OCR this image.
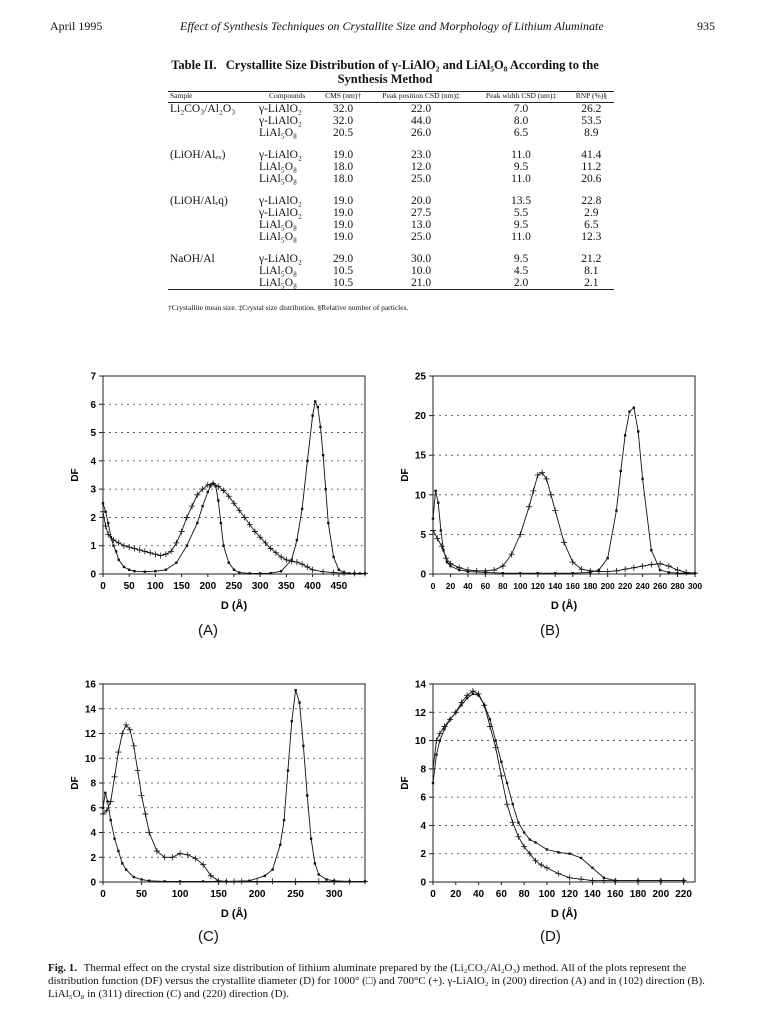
April 1995	Effect of Synthesis Techniques on Crystallite Size and Morphology of Lithium Aluminate	935
Table II. Crystallite Size Distribution of γ-LiAlO₂ and LiAl₅O₈ According to the Synthesis Method
Sample	Compounds	CMS (nm)†	Peak position CSD (nm)‡	Peak width CSD (nm)‡	RNP (%)§
Li₂CO₃/Al₂O₃	γ-LiAlO₂	32.0	22.0	7.0	26.2
	γ-LiAlO₂	32.0	44.0	8.0	53.5
	LiAl₅O₈	20.5	26.0	6.5	8.9

(LiOH/Alₑₓ)	γ-LiAlO₂	19.0	23.0	11.0	41.4
	LiAl₅O₈	18.0	12.0	9.5	11.2
	LiAl₅O₈	18.0	25.0	11.0	20.6

(LiOH/Alₑq)	γ-LiAlO₂	19.0	20.0	13.5	22.8
	γ-LiAlO₂	19.0	27.5	5.5	2.9
	LiAl₅O₈	19.0	13.0	9.5	6.5
	LiAl₅O₈	19.0	25.0	11.0	12.3

NaOH/Al	γ-LiAlO₂	29.0	30.0	9.5	21.2
	LiAl₅O₈	10.5	10.0	4.5	8.1
	LiAl₅O₈	10.5	21.0	2.0	2.1
†Crystallite mean size. ‡Crystal size distribution. §Relative number of particles.
0
1
2
3
4
5
6
7
0 50 100 150 200 250 300 350 400 450
DF
D (Å)
(A)
0
5
10
15
20
25
0 20 40 60 80 100 120 140 160 180 200 220 240 260 280 300
DF
D (Å)
(B)
0
2
4
6
8
10
12
14
16
0	50 100 150 200 250 300
DF
D (Å)
(C)
0
2
4
6
8
10
12
14
0 20 40 60 80 100 120 140 160 180 200 220
DF
D (Å)
(D)
Fig. 1. Thermal effect on the crystal size distribution of lithium aluminate prepared by the (Li₂CO₃/Al₂O₃) method. All of the plots represent the distribution function (DF) versus the crystallite diameter (D) for 1000° (□) and 700°C (+). γ-LiAlO₂ in (200) direction (A) and in (102) direction (B). LiAl₅O₈ in (311) direction (C) and (220) direction (D).
